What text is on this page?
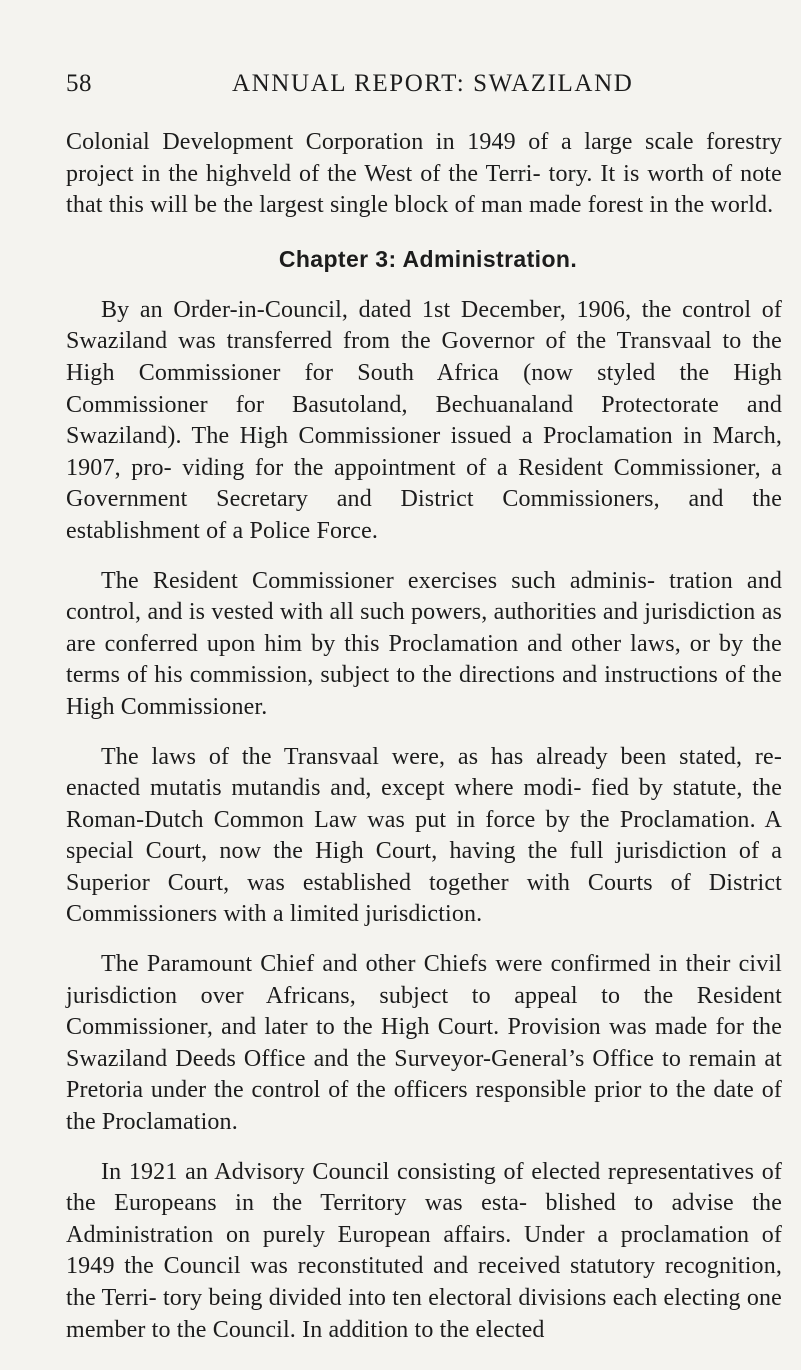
58	ANNUAL REPORT: SWAZILAND

Colonial Development Corporation in 1949 of a large scale forestry project in the highveld of the West of the Terri- tory. It is worth of note that this will be the largest single block of man made forest in the world.

Chapter 3: Administration.

By an Order-in-Council, dated 1st December, 1906, the control of Swaziland was transferred from the Governor of the Transvaal to the High Commissioner for South Africa (now styled the High Commissioner for Basutoland, Bechuanaland Protectorate and Swaziland). The High Commissioner issued a Proclamation in March, 1907, pro- viding for the appointment of a Resident Commissioner, a Government Secretary and District Commissioners, and the establishment of a Police Force.

The Resident Commissioner exercises such adminis- tration and control, and is vested with all such powers, authorities and jurisdiction as are conferred upon him by this Proclamation and other laws, or by the terms of his commission, subject to the directions and instructions of the High Commissioner.

The laws of the Transvaal were, as has already been stated, re-enacted mutatis mutandis and, except where modi- fied by statute, the Roman-Dutch Common Law was put in force by the Proclamation. A special Court, now the High Court, having the full jurisdiction of a Superior Court, was established together with Courts of District Commissioners with a limited jurisdiction.

The Paramount Chief and other Chiefs were confirmed in their civil jurisdiction over Africans, subject to appeal to the Resident Commissioner, and later to the High Court. Provision was made for the Swaziland Deeds Office and the Surveyor-General’s Office to remain at Pretoria under the control of the officers responsible prior to the date of the Proclamation.

In 1921 an Advisory Council consisting of elected representatives of the Europeans in the Territory was esta- blished to advise the Administration on purely European affairs. Under a proclamation of 1949 the Council was reconstituted and received statutory recognition, the Terri- tory being divided into ten electoral divisions each electing one member to the Council. In addition to the elected
